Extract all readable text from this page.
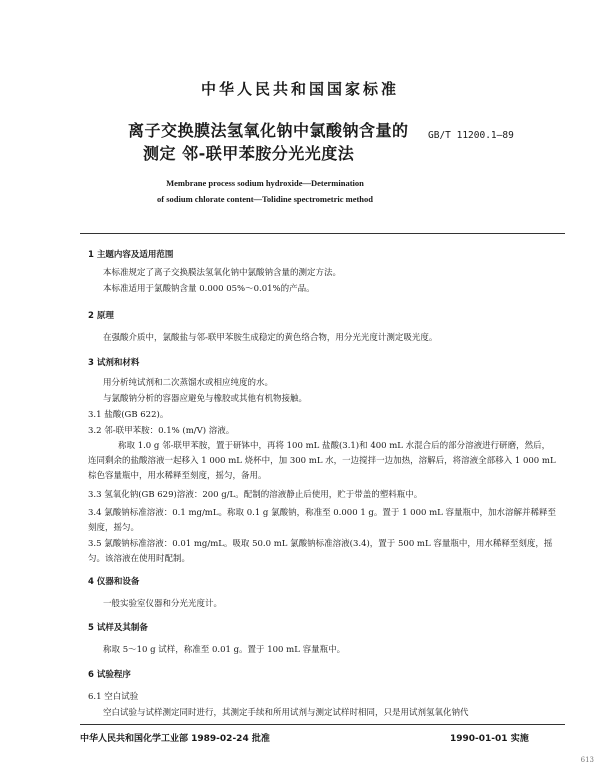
中华人民共和国国家标准
离子交换膜法氢氧化钠中氯酸钠含量的
测定 邻-联甲苯胺分光光度法
GB/T 11200.1—89
Membrane process sodium hydroxide—Determination
of sodium chlorate content—Tolidine spectrometric method
1 主题内容及适用范围
本标准规定了离子交换膜法氢氧化钠中氯酸钠含量的测定方法。
本标准适用于氯酸钠含量 0.000 05%～0.01%的产品。
2 原理
在强酸介质中，氯酸盐与邻-联甲苯胺生成稳定的黄色络合物，用分光光度计测定吸光度。
3 试剂和材料
用分析纯试剂和二次蒸馏水或相应纯度的水。
与氯酸钠分析的容器应避免与橡胶或其他有机物接触。
3.1 盐酸(GB 622)。
3.2 邻-联甲苯胺：0.1% (m/V) 溶液。
称取 1.0 g 邻-联甲苯胺，置于研钵中，再将 100 mL 盐酸(3.1)和 400 mL 水混合后的部分溶液进行研磨，然后，连同剩余的盐酸溶液一起移入 1 000 mL 烧杯中，加 300 mL 水，一边搅拌一边加热，溶解后，将溶液全部移入 1 000 mL 棕色容量瓶中，用水稀释至刻度，摇匀，备用。
3.3 氢氧化钠(GB 629)溶液：200 g/L。配制的溶液静止后使用，贮于带盖的塑料瓶中。
3.4 氯酸钠标准溶液：0.1 mg/mL。称取 0.1 g 氯酸钠，称准至 0.000 1 g。置于 1 000 mL 容量瓶中，加水溶解并稀释至刻度，摇匀。
3.5 氯酸钠标准溶液：0.01 mg/mL。吸取 50.0 mL 氯酸钠标准溶液(3.4)，置于 500 mL 容量瓶中，用水稀释至刻度，摇匀。该溶液在使用时配制。
4 仪器和设备
一般实验室仪器和分光光度计。
5 试样及其制备
称取 5～10 g 试样，称准至 0.01 g。置于 100 mL 容量瓶中。
6 试验程序
6.1 空白试验
空白试验与试样测定同时进行，其测定手续和所用试剂与测定试样时相同，只是用试剂氢氧化钠代
中华人民共和国化学工业部 1989-02-24 批准	1990-01-01 实施
613
